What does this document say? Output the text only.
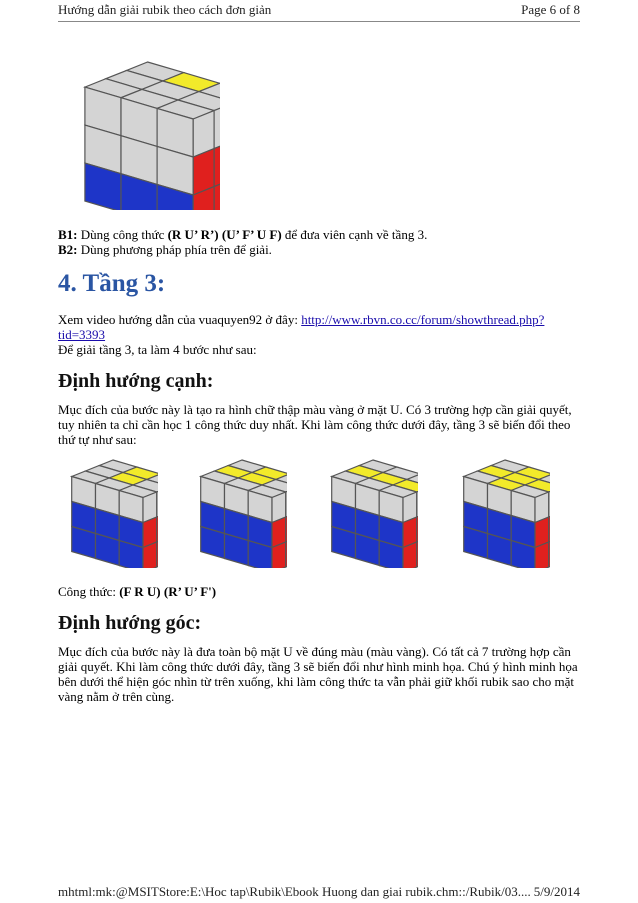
Hướng dẫn giải rubik theo cách đơn giản	Page 6 of 8

B1: Dùng công thức (R U’ R’) (U’ F’ U F) để đưa viên cạnh về tầng 3.

B2: Dùng phương pháp phía trên để giải.

4. Tầng 3:

Xem video hướng dẫn của vuaquyen92 ở đây: http://www.rbvn.co.cc/forum/showthread.php?

tid=3393

Để giải tầng 3, ta làm 4 bước như sau:

Định hướng cạnh:

Mục đích của bước này là tạo ra hình chữ thập màu vàng ở mặt U. Có 3 trường hợp cần giải quyết,

tuy nhiên ta chỉ cần học 1 công thức duy nhất. Khi làm công thức dưới đây, tầng 3 sẽ biến đổi theo

thứ tự như sau:

Công thức: (F R U) (R’ U’ F')

Định hướng góc:

Mục đích của bước này là đưa toàn bộ mặt U về đúng màu (màu vàng). Có tất cả 7 trường hợp cần

giải quyết. Khi làm công thức dưới đây, tầng 3 sẽ biến đổi như hình minh họa. Chú ý hình minh họa

bên dưới thể hiện góc nhìn từ trên xuống, khi làm công thức ta vẫn phải giữ khối rubik sao cho mặt

vàng nằm ở trên cùng.

mhtml:mk:@MSITStore:E:\Hoc tap\Rubik\Ebook Huong dan giai rubik.chm::/Rubik/03.... 5/9/2014
